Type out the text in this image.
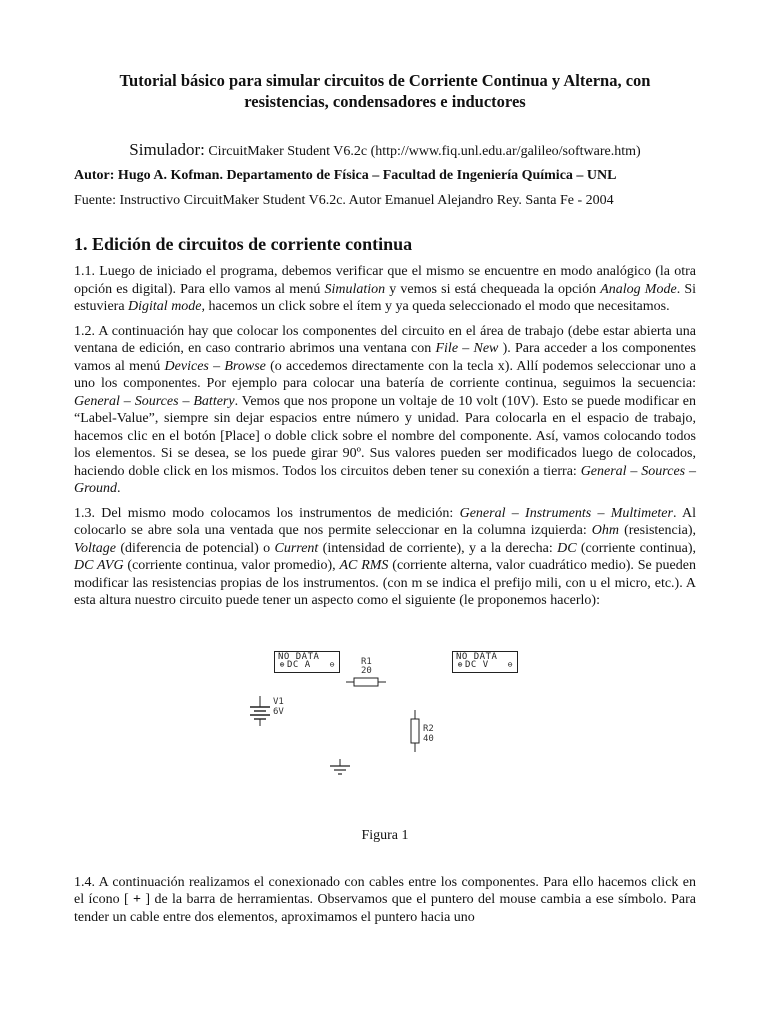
Tutorial básico para simular circuitos de Corriente Continua y Alterna, con
resistencias, condensadores e inductores
Simulador: CircuitMaker Student V6.2c (http://www.fiq.unl.edu.ar/galileo/software.htm)
Autor: Hugo A. Kofman. Departamento de Física – Facultad de Ingeniería Química – UNL
Fuente: Instructivo CircuitMaker Student V6.2c. Autor Emanuel Alejandro Rey. Santa Fe - 2004
1. Edición de circuitos de corriente continua

1.1. Luego de iniciado el programa, debemos verificar que el mismo se encuentre en modo analógico (la otra opción es digital). Para ello vamos al menú Simulation y vemos si está chequeada la opción Analog Mode. Si estuviera Digital mode, hacemos un click sobre el ítem y ya queda seleccionado el modo que necesitamos.

1.2. A continuación hay que colocar los componentes del circuito en el área de trabajo (debe estar abierta una ventana de edición, en caso contrario abrimos una ventana con File – New ). Para acceder a los componentes vamos al menú Devices – Browse (o accedemos directamente con la tecla x). Allí podemos seleccionar uno a uno los componentes. Por ejemplo para colocar una batería de corriente continua, seguimos la secuencia: General – Sources – Battery. Vemos que nos propone un voltaje de 10 volt (10V). Esto se puede modificar en “Label-Value”, siempre sin dejar espacios entre número y unidad. Para colocarla en el espacio de trabajo, hacemos clic en el botón [Place] o doble click sobre el nombre del componente. Así, vamos colocando todos los elementos. Si se desea, se los puede girar 90º. Sus valores pueden ser modificados luego de colocados, haciendo doble click en los mismos. Todos los circuitos deben tener su conexión a tierra: General – Sources – Ground.

1.3. Del mismo modo colocamos los instrumentos de medición: General – Instruments – Multimeter. Al colocarlo se abre sola una ventada que nos permite seleccionar en la columna izquierda: Ohm (resistencia), Voltage (diferencia de potencial) o Current (intensidad de corriente), y a la derecha: DC (corriente continua), DC AVG (corriente continua, valor promedio), AC RMS (corriente alterna, valor cuadrático medio). Se pueden modificar las resistencias propias de los instrumentos. (con m se indica el prefijo mili, con u el micro, etc.). A esta altura nuestro circuito puede tener un aspecto como el siguiente (le proponemos hacerlo):

NO DATA
⊕ DC A ⊖
NO DATA
⊕ DC V ⊖
R1
20
R2
40
V1
6V
Figura 1

1.4. A continuación realizamos el conexionado con cables entre los componentes. Para ello hacemos click en el ícono [ + ] de la barra de herramientas. Observamos que el puntero del mouse cambia a ese símbolo. Para tender un cable entre dos elementos, aproximamos el puntero hacia uno
